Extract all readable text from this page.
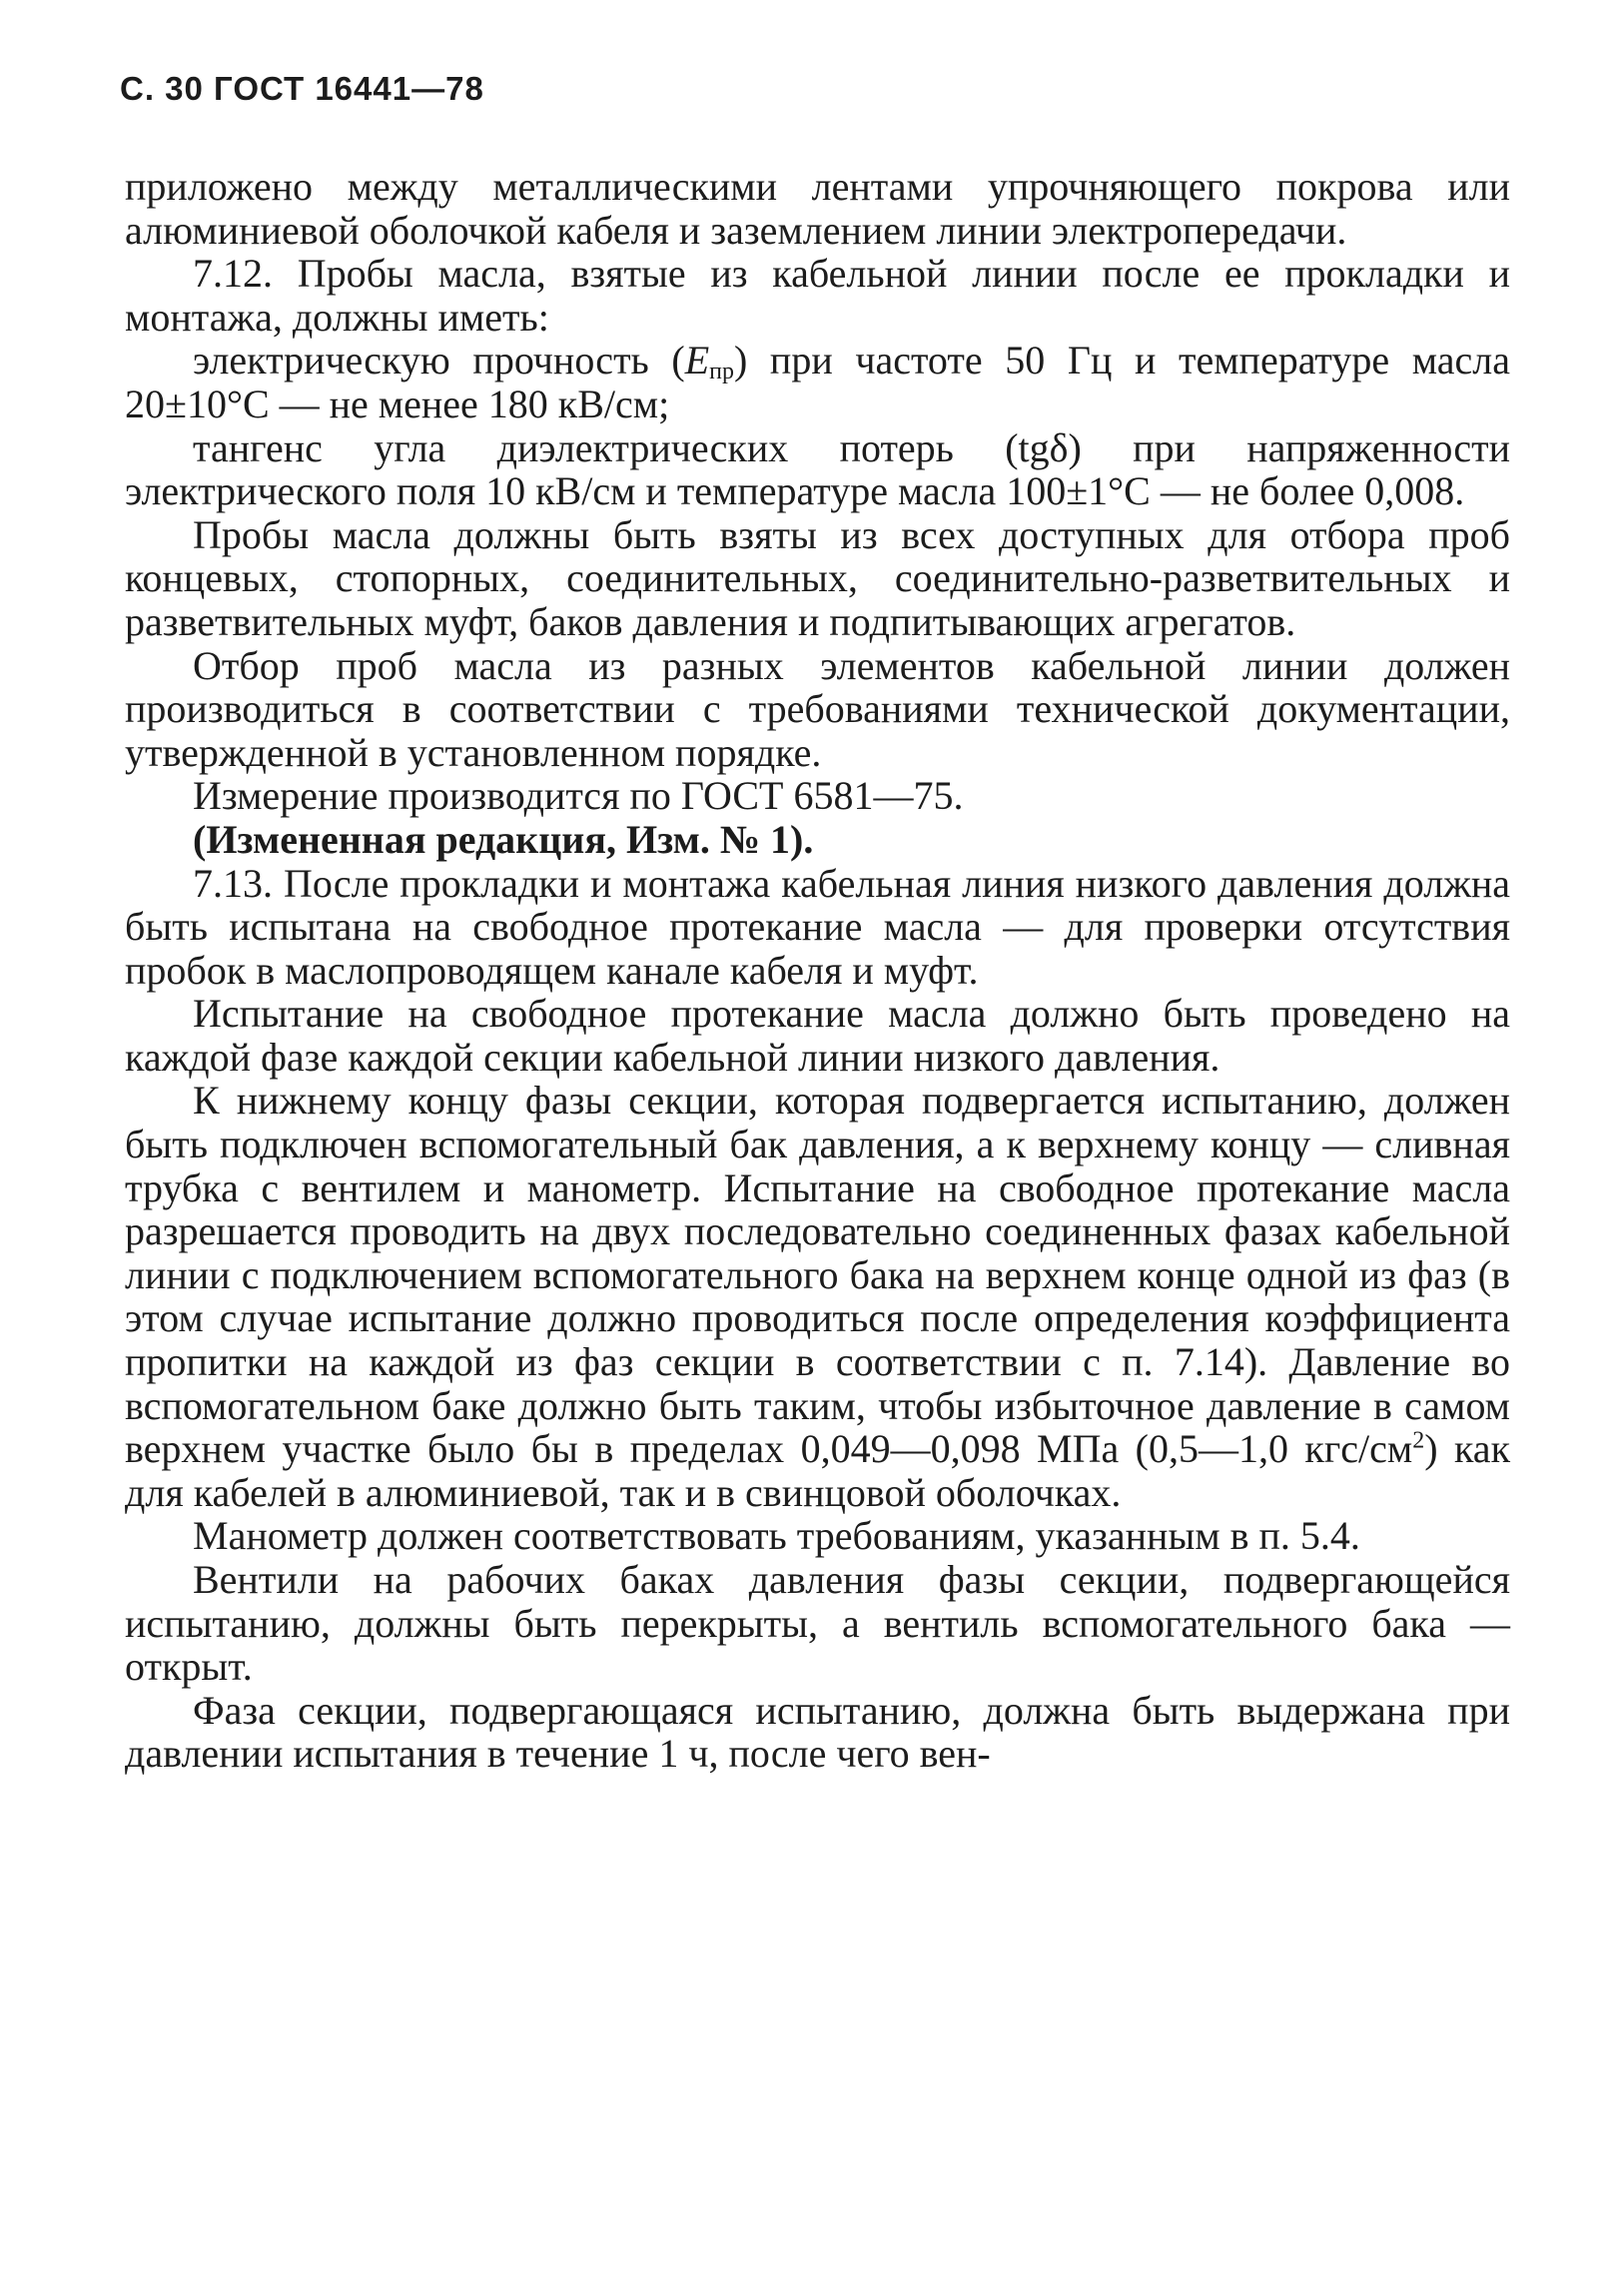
С. 30 ГОСТ 16441—78

приложено между металлическими лентами упрочняющего покрова или алюминиевой оболочкой кабеля и заземлением линии электропередачи.

7.12. Пробы масла, взятые из кабельной линии после ее прокладки и монтажа, должны иметь:

электрическую прочность $(E_{пр})$ при частоте 50 Гц и температуре масла 20±10°C — не менее 180 кВ/см;

тангенс угла диэлектрических потерь (tgδ) при напряженности электрического поля 10 кВ/см и температуре масла 100±1°C — не более 0,008.

Пробы масла должны быть взяты из всех доступных для отбора проб концевых, стопорных, соединительных, соединительно-разветвительных и разветвительных муфт, баков давления и подпитывающих агрегатов.

Отбор проб масла из разных элементов кабельной линии должен производиться в соответствии с требованиями технической документации, утвержденной в установленном порядке.

Измерение производится по ГОСТ 6581—75.

(Измененная редакция, Изм. № 1).

7.13. После прокладки и монтажа кабельная линия низкого давления должна быть испытана на свободное протекание масла — для проверки отсутствия пробок в маслопроводящем канале кабеля и муфт.

Испытание на свободное протекание масла должно быть проведено на каждой фазе каждой секции кабельной линии низкого давления.

К нижнему концу фазы секции, которая подвергается испытанию, должен быть подключен вспомогательный бак давления, а к верхнему концу — сливная трубка с вентилем и манометр. Испытание на свободное протекание масла разрешается проводить на двух последовательно соединенных фазах кабельной линии с подключением вспомогательного бака на верхнем конце одной из фаз (в этом случае испытание должно проводиться после определения коэффициента пропитки на каждой из фаз секции в соответствии с п. 7.14). Давление во вспомогательном баке должно быть таким, чтобы избыточное давление в самом верхнем участке было бы в пределах 0,049—0,098 МПа (0,5—1,0 кгс/$см^2$) как для кабелей в алюминиевой, так и в свинцовой оболочках.

Манометр должен соответствовать требованиям, указанным в п. 5.4.

Вентили на рабочих баках давления фазы секции, подвергающейся испытанию, должны быть перекрыты, а вентиль вспомогательного бака — открыт.

Фаза секции, подвергающаяся испытанию, должна быть выдержана при давлении испытания в течение 1 ч, после чего вен-
